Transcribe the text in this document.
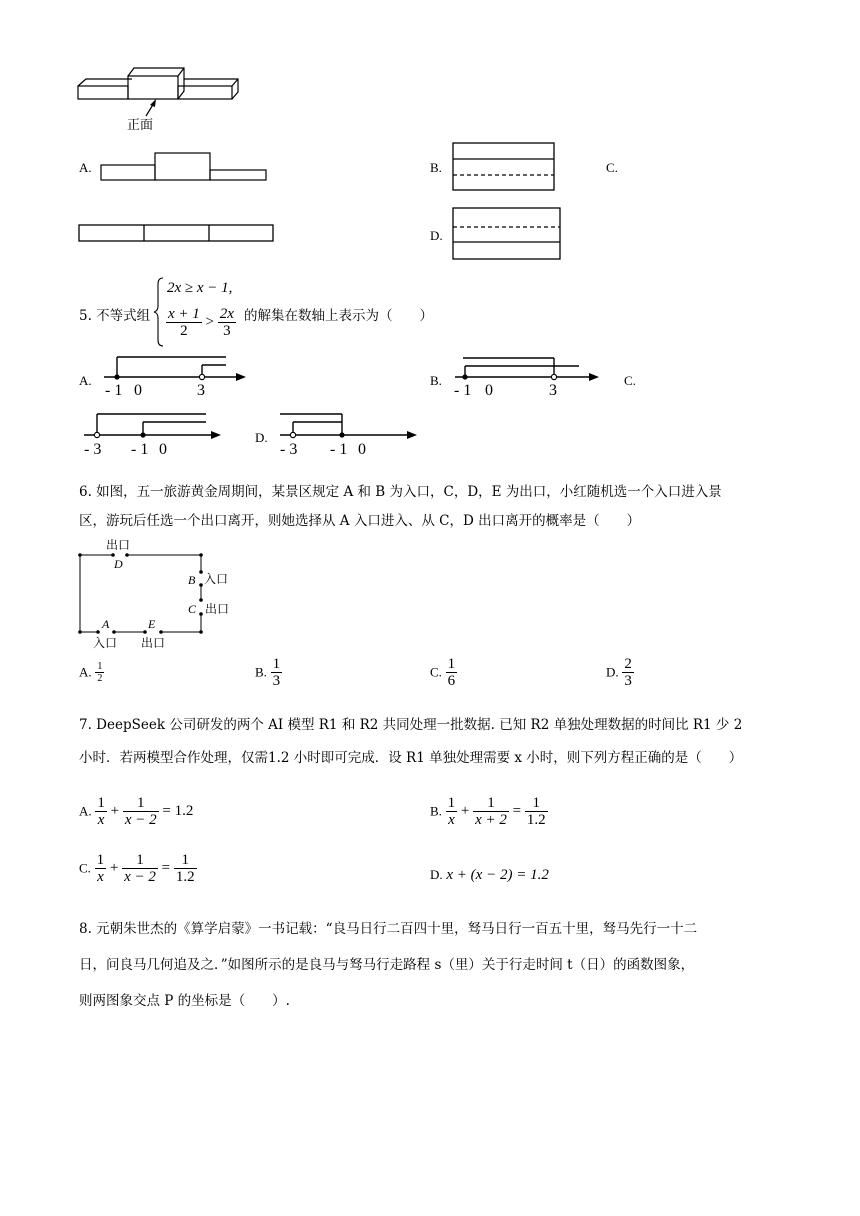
正面
A.	B.	C.
D.
5. 不等式组
2x ≥ x − 1,
$\frac{x + 1}{2} > \frac{2x}{3}$ 的解集在数轴上表示为（　　）
A.
- 1 0	3
B.
- 1 0	3
C.
- 3 - 1 0
D.
- 3 - 1 0
6. 如图，五一旅游黄金周期间，某景区规定 A 和 B 为入口，C，D，E 为出口，小红随机选一个入口进入景
区，游玩后任选一个出口离开，则她选择从 A 入口进入、从 C，D 出口离开的概率是（　　）
出口
D
B 入口
C 出口
A
入口
E
出口
A. $\frac{1}{2}$	B. $\frac{1}{3}$	C. $\frac{1}{6}$	D. $\frac{2}{3}$
7. DeepSeek 公司研发的两个 AI 模型 R1 和 R2 共同处理一批数据. 已知 R2 单独处理数据的时间比 R1 少 2
小时．若两模型合作处理，仅需1.2 小时即可完成．设 R1 单独处理需要 x 小时，则下列方程正确的是（　　）
A. $\frac{1}{x} + \frac{1}{x - 2} = 1.2$	B. $\frac{1}{x} + \frac{1}{x + 2} = \frac{1}{1.2}$
C. $\frac{1}{x} + \frac{1}{x - 2} = \frac{1}{1.2}$	D. x + (x − 2) = 1.2
8. 元朝朱世杰的《算学启蒙》一书记载：“良马日行二百四十里，驽马日行一百五十里，驽马先行一十二
日，问良马几何追及之．”如图所示的是良马与驽马行走路程 s（里）关于行走时间 t（日）的函数图象，
则两图象交点 P 的坐标是（　　）.
